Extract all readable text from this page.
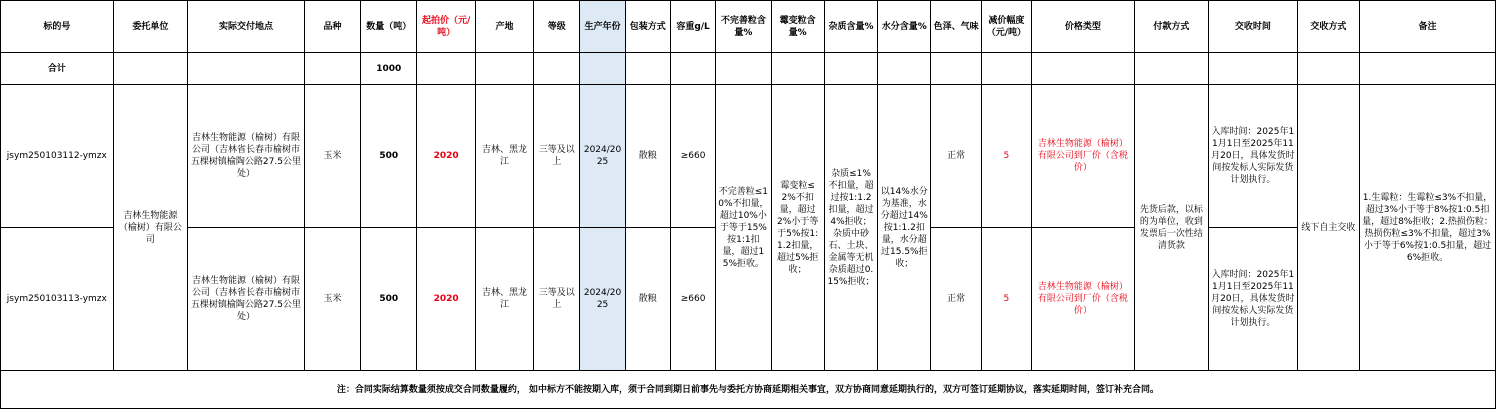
标的号	委托单位	实际交付地点	品种	数量（吨）	起拍价（元/吨）	产地	等级	生产年份	包装方式	容重g/L	不完善粒含量%	霉变粒含量%	杂质含量%	水分含量%	色泽、气味	减价幅度（元/吨）	价格类型	付款方式	交收时间	交收方式	备注
合计				1000																	
jsym250103112-ymzx	吉林生物能源（榆树）有限公司	吉林生物能源（榆树）有限公司（吉林省长春市榆树市五棵树镇榆陶公路27.5公里处）	玉米	500	2020	吉林、黑龙江	三等及以上	2024/2025	散粮	≥660	不完善粒≤10%不扣量，超过10%小于等于15%按1:1扣量，超过15%拒收。	霉变粒≤2%不扣量，超过2%小于等于5%按1:1.2扣量，超过5%拒收；	杂质≤1%不扣量，超过按1:1.2扣量，超过4%拒收；杂质中砂石、土块、金属等无机杂质超过0.15%拒收；	以14%水分为基准，水分超过14%按1:1.2扣量，水分超过15.5%拒收；	正常	5	吉林生物能源（榆树）有限公司到厂价（含税价）	先货后款，以标的为单位，收到发票后一次性结清货款	入库时间：2025年11月1日至2025年11月20日，具体发货时间按发标人实际发货计划执行。	线下自主交收	1.生霉粒：生霉粒≤3%不扣量，超过3%小于等于8%按1:0.5扣量，超过8%拒收；2.热损伤粒：热损伤粒≤3%不扣量，超过3%小于等于6%按1:0.5扣量，超过6%拒收。
jsym250103113-ymzx		吉林生物能源（榆树）有限公司（吉林省长春市榆树市五棵树镇榆陶公路27.5公里处）	玉米	500	2020	吉林、黑龙江	三等及以上	2024/2025	散粮	≥660					正常	5	吉林生物能源（榆树）有限公司到厂价（含税价）		入库时间：2025年11月1日至2025年11月20日，具体发货时间按发标人实际发货计划执行。		
注：合同实际结算数量须按成交合同数量履约， 如中标方不能按期入库，须于合同到期日前事先与委托方协商延期相关事宜，双方协商同意延期执行的，双方可签订延期协议，落实延期时间，签订补充合同。																					
